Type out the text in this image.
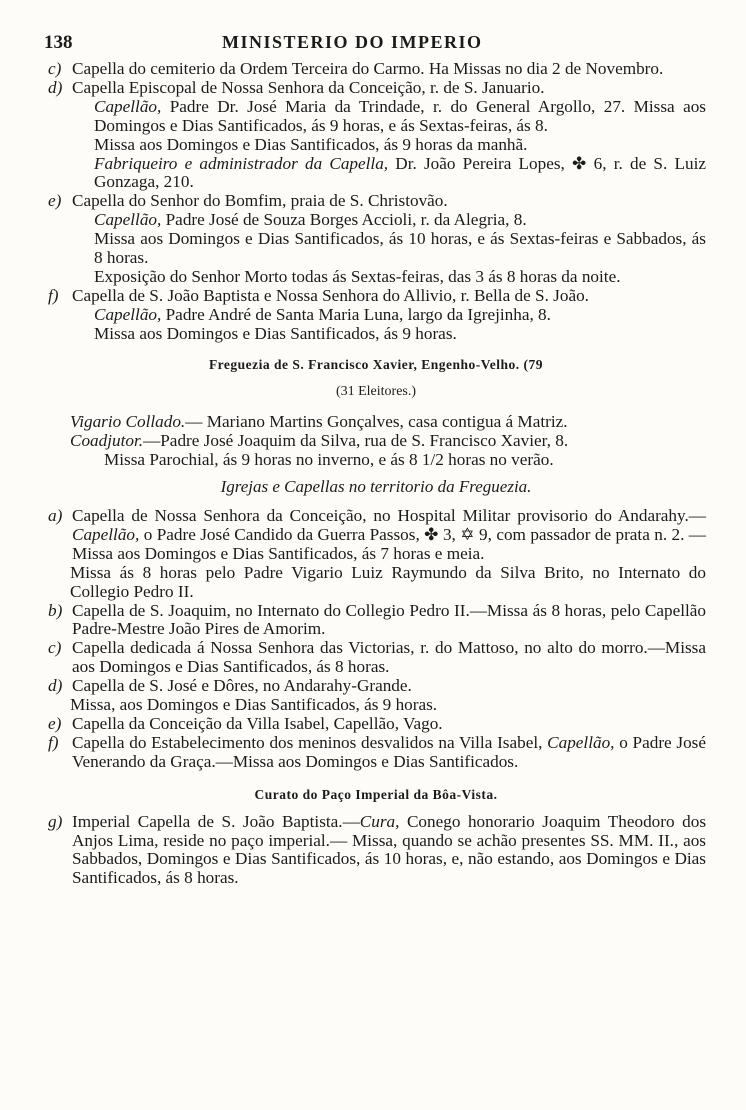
138	MINISTERIO DO IMPERIO
c) Capella do cemiterio da Ordem Terceira do Carmo. Ha Missas no dia 2 de Novembro.
d) Capella Episcopal de Nossa Senhora da Conceição, r. de S. Januario.
Capellão, Padre Dr. José Maria da Trindade, r. do General Argollo, 27. Missa aos Domingos e Dias Santificados, ás 9 horas, e ás Sextas-feiras, ás 8.
Missa aos Domingos e Dias Santificados, ás 9 horas da manhã.
Fabriqueiro e administrador da Capella, Dr. João Pereira Lopes, ✤ 6, r. de S. Luiz Gonzaga, 210.
e) Capella do Senhor do Bomfim, praia de S. Christovão.
Capellão, Padre José de Souza Borges Accioli, r. da Alegria, 8.
Missa aos Domingos e Dias Santificados, ás 10 horas, e ás Sextas-feiras e Sabbados, ás 8 horas.
Exposição do Senhor Morto todas ás Sextas-feiras, das 3 ás 8 horas da noite.
f) Capella de S. João Baptista e Nossa Senhora do Allivio, r. Bella de S. João.
Capellão, Padre André de Santa Maria Luna, largo da Igrejinha, 8.
Missa aos Domingos e Dias Santificados, ás 9 horas.
Freguezia de S. Francisco Xavier, Engenho-Velho. (79
(31 Eleitores.)
Vigario Collado.— Mariano Martins Gonçalves, casa contigua á Matriz.
Coadjutor.—Padre José Joaquim da Silva, rua de S. Francisco Xavier, 8.
Missa Parochial, ás 9 horas no inverno, e ás 8 1/2 horas no verão.
Igrejas e Capellas no territorio da Freguezia.
a) Capella de Nossa Senhora da Conceição, no Hospital Militar provisorio do Andarahy.— Capellão, o Padre José Candido da Guerra Passos, ✤ 3, ✡ 9, com passador de prata n. 2. —Missa aos Domingos e Dias Santificados, ás 7 horas e meia.
Missa ás 8 horas pelo Padre Vigario Luiz Raymundo da Silva Brito, no Internato do Collegio Pedro II.
b) Capella de S. Joaquim, no Internato do Collegio Pedro II.—Missa ás 8 horas, pelo Capellão Padre-Mestre João Pires de Amorim.
c) Capella dedicada á Nossa Senhora das Victorias, r. do Mattoso, no alto do morro.—Missa aos Domingos e Dias Santificados, ás 8 horas.
d) Capella de S. José e Dôres, no Andarahy-Grande.
Missa, aos Domingos e Dias Santificados, ás 9 horas.
e) Capella da Conceição da Villa Isabel, Capellão, Vago.
f) Capella do Estabelecimento dos meninos desvalidos na Villa Isabel, Capellão, o Padre José Venerando da Graça.—Missa aos Domingos e Dias Santificados.
Curato do Paço Imperial da Bôa-Vista.
g) Imperial Capella de S. João Baptista.—Cura, Conego honorario Joaquim Theodoro dos Anjos Lima, reside no paço imperial.— Missa, quando se achão presentes SS. MM. II., aos Sabbados, Domingos e Dias Santificados, ás 10 horas, e, não estando, aos Domingos e Dias Santificados, ás 8 horas.
